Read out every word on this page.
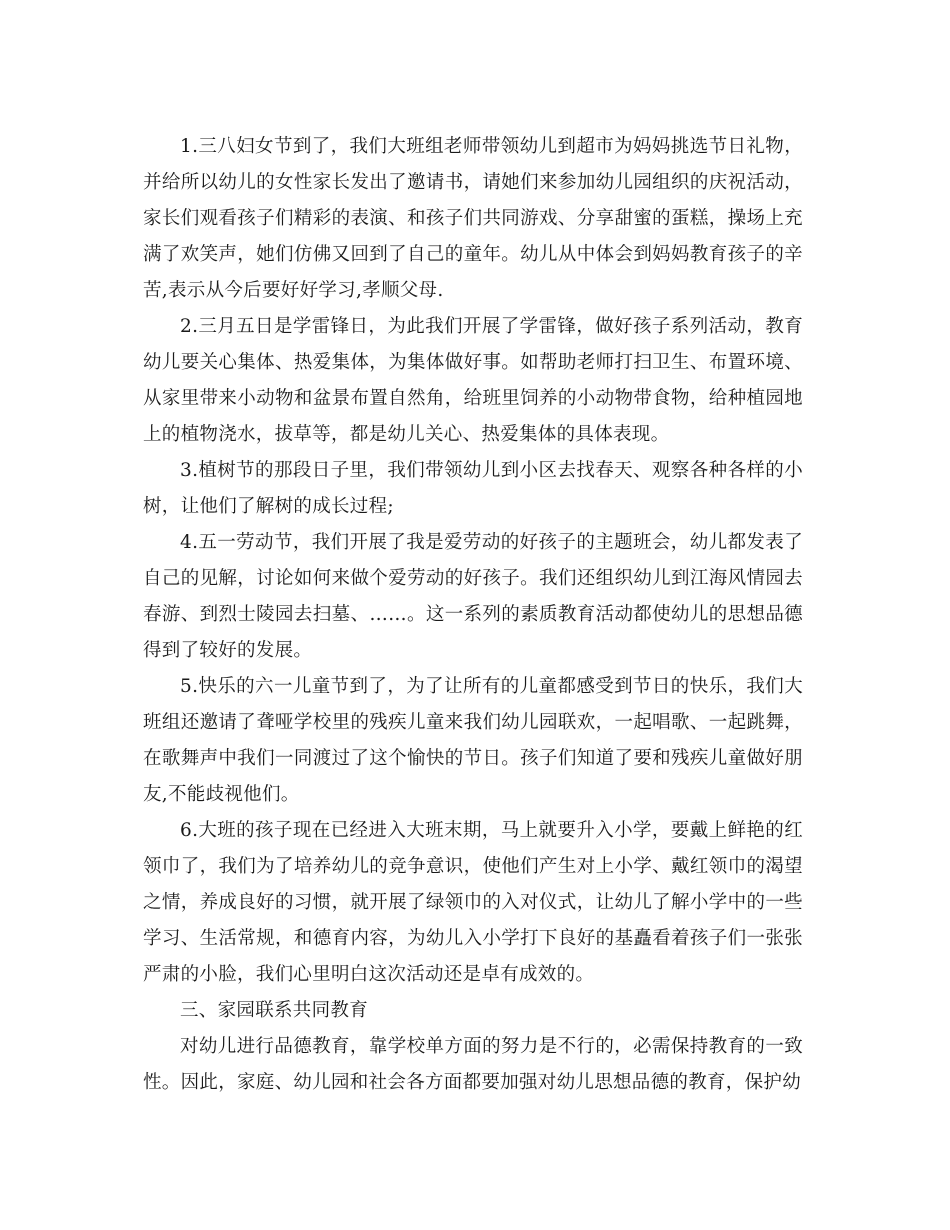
1.三八妇女节到了，我们大班组老师带领幼儿到超市为妈妈挑选节日礼物，并给所以幼儿的女性家长发出了邀请书，请她们来参加幼儿园组织的庆祝活动，家长们观看孩子们精彩的表演、和孩子们共同游戏、分享甜蜜的蛋糕，操场上充满了欢笑声，她们仿佛又回到了自己的童年。幼儿从中体会到妈妈教育孩子的辛苦,表示从今后要好好学习,孝顺父母.

2.三月五日是学雷锋日，为此我们开展了学雷锋，做好孩子系列活动，教育幼儿要关心集体、热爱集体，为集体做好事。如帮助老师打扫卫生、布置环境、从家里带来小动物和盆景布置自然角，给班里饲养的小动物带食物，给种植园地上的植物浇水，拔草等，都是幼儿关心、热爱集体的具体表现。

3.植树节的那段日子里，我们带领幼儿到小区去找春天、观察各种各样的小树，让他们了解树的成长过程;

4.五一劳动节，我们开展了我是爱劳动的好孩子的主题班会，幼儿都发表了自己的见解，讨论如何来做个爱劳动的好孩子。我们还组织幼儿到江海风情园去春游、到烈士陵园去扫墓、……。这一系列的素质教育活动都使幼儿的思想品德得到了较好的发展。

5.快乐的六一儿童节到了，为了让所有的儿童都感受到节日的快乐，我们大班组还邀请了聋哑学校里的残疾儿童来我们幼儿园联欢，一起唱歌、一起跳舞，在歌舞声中我们一同渡过了这个愉快的节日。孩子们知道了要和残疾儿童做好朋友,不能歧视他们。

6.大班的孩子现在已经进入大班末期，马上就要升入小学，要戴上鲜艳的红领巾了，我们为了培养幼儿的竞争意识，使他们产生对上小学、戴红领巾的渴望之情，养成良好的习惯，就开展了绿领巾的入对仪式，让幼儿了解小学中的一些学习、生活常规，和德育内容，为幼儿入小学打下良好的基矗看着孩子们一张张严肃的小脸，我们心里明白这次活动还是卓有成效的。

三、家园联系共同教育

对幼儿进行品德教育，靠学校单方面的努力是不行的，必需保持教育的一致性。因此，家庭、幼儿园和社会各方面都要加强对幼儿思想品德的教育，保护幼
